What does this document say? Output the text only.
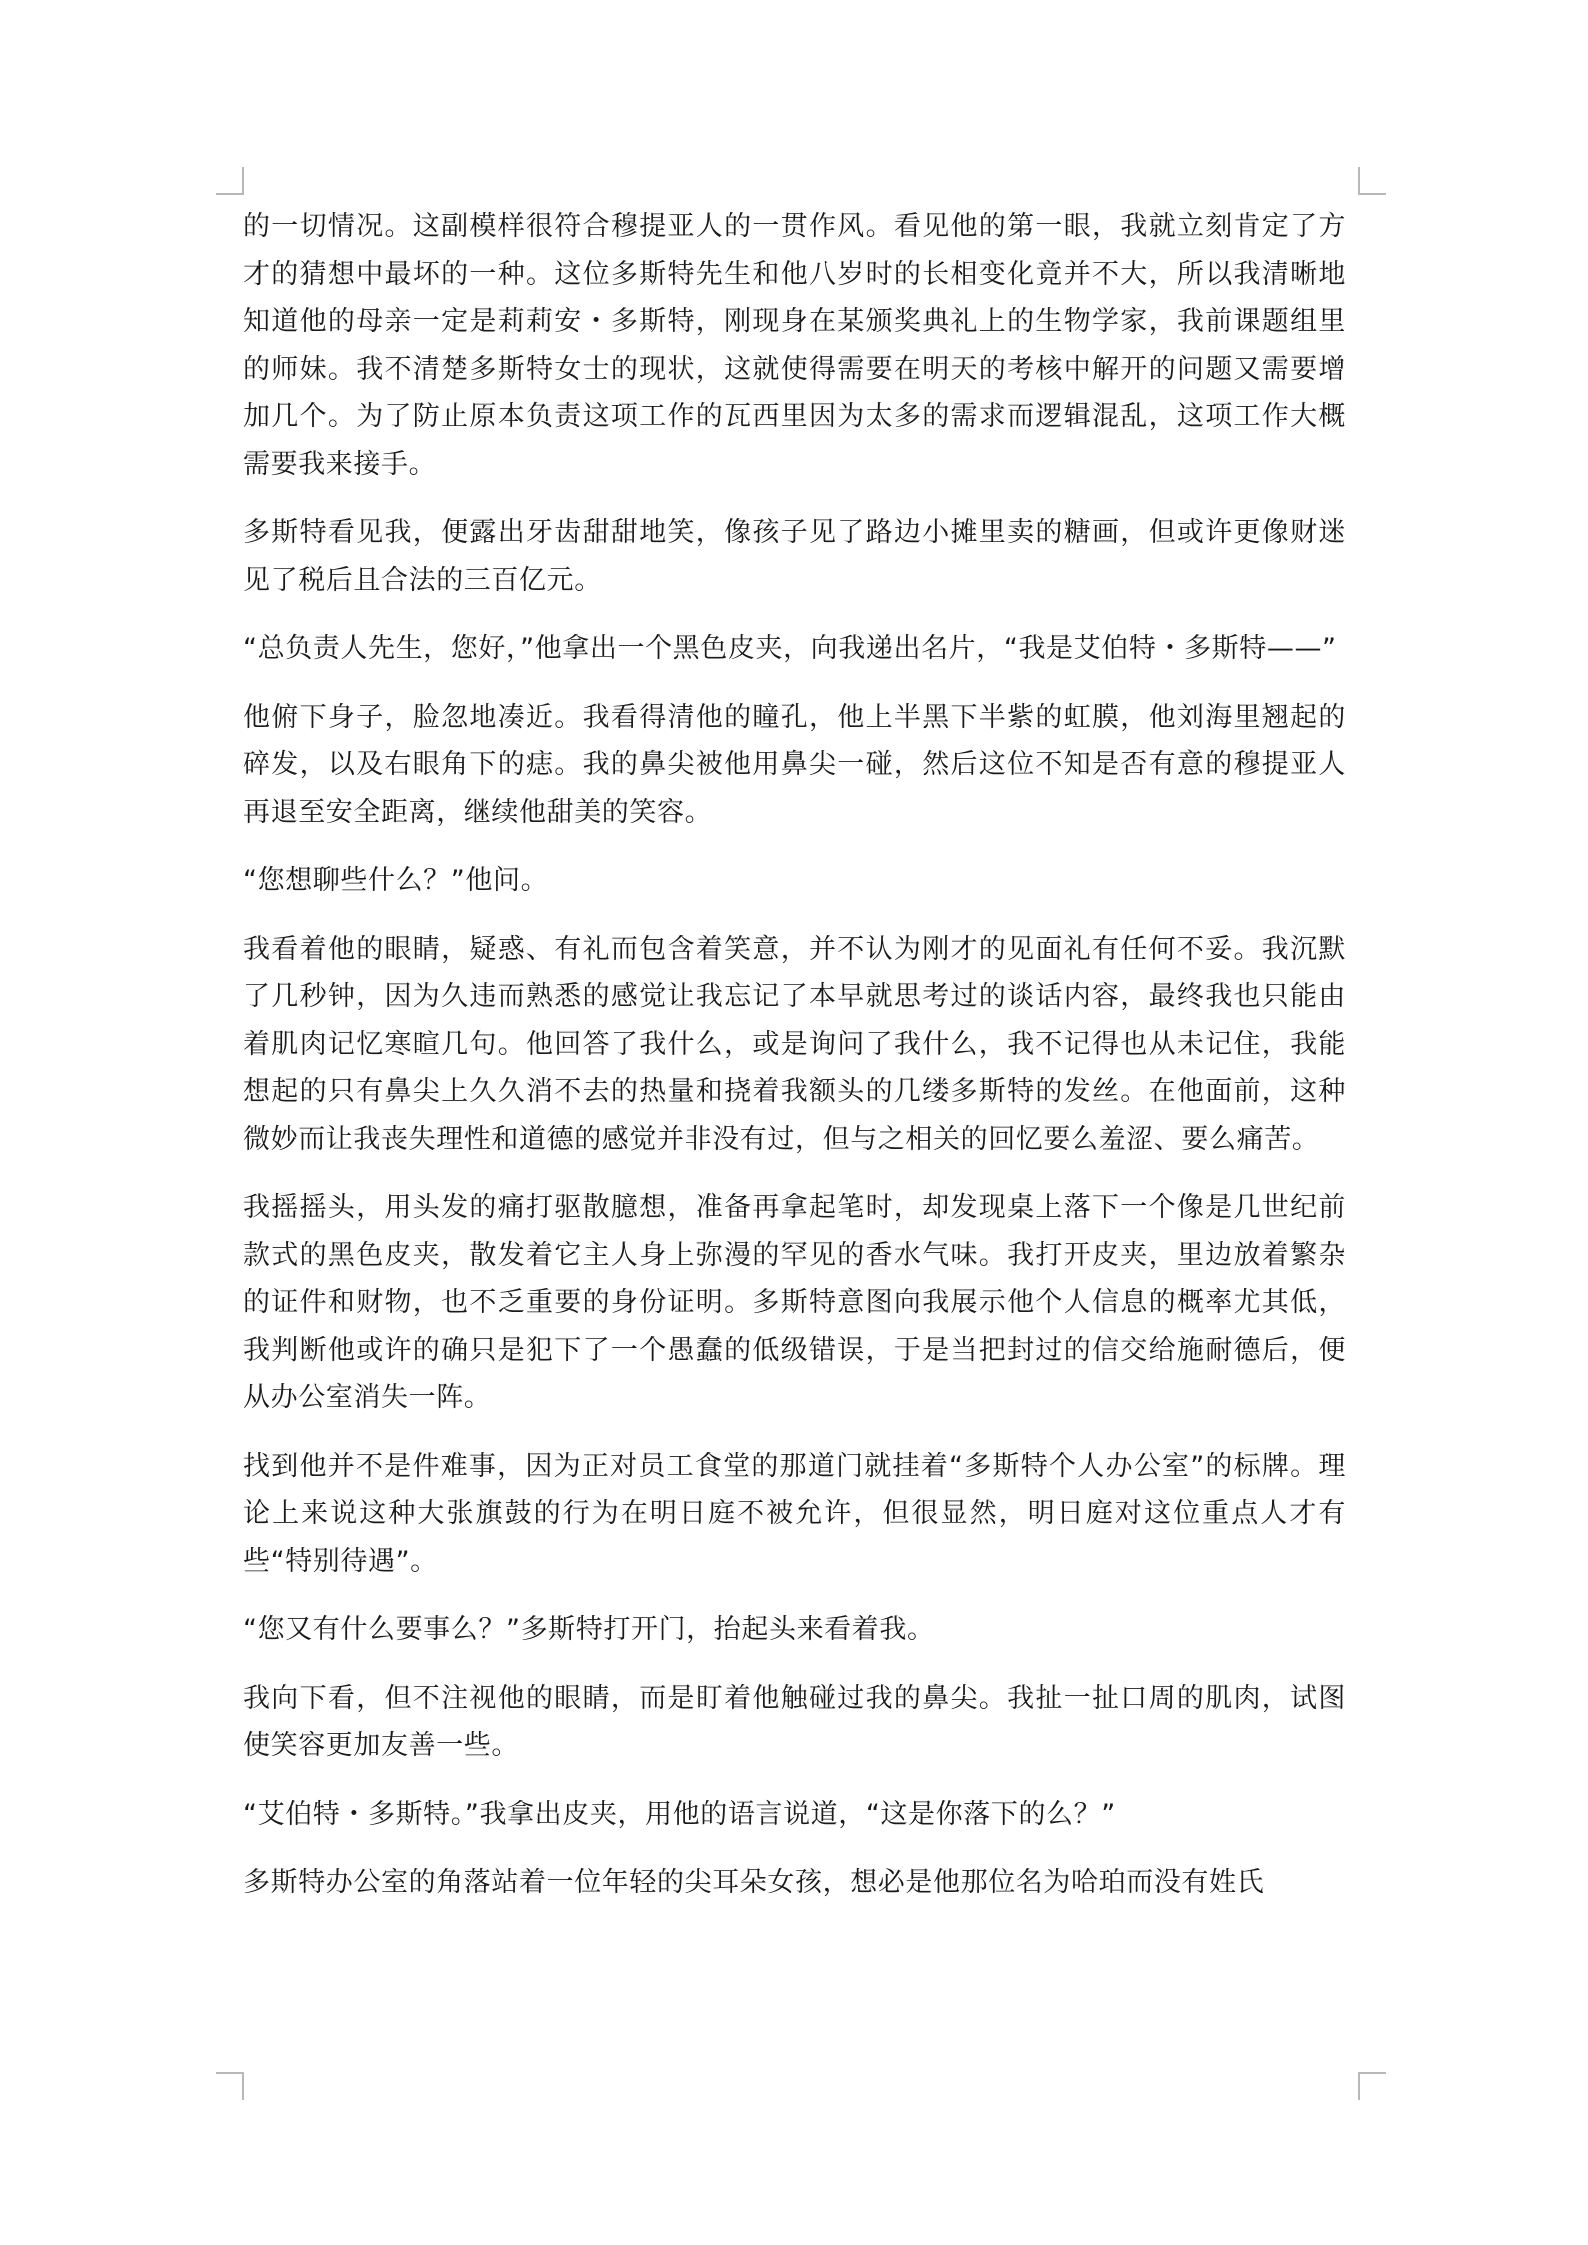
的一切情况。这副模样很符合穆提亚人的一贯作风。看见他的第一眼，我就立刻肯定了方才的猜想中最坏的一种。这位多斯特先生和他八岁时的长相变化竟并不大，所以我清晰地知道他的母亲一定是莉莉安・多斯特，刚现身在某颁奖典礼上的生物学家，我前课题组里的师妹。我不清楚多斯特女士的现状，这就使得需要在明天的考核中解开的问题又需要增加几个。为了防止原本负责这项工作的瓦西里因为太多的需求而逻辑混乱，这项工作大概需要我来接手。

多斯特看见我，便露出牙齿甜甜地笑，像孩子见了路边小摊里卖的糖画，但或许更像财迷见了税后且合法的三百亿元。

“总负责人先生，您好，”他拿出一个黑色皮夹，向我递出名片，“我是艾伯特・多斯特——”

他俯下身子，脸忽地凑近。我看得清他的瞳孔，他上半黑下半紫的虹膜，他刘海里翘起的碎发，以及右眼角下的痣。我的鼻尖被他用鼻尖一碰，然后这位不知是否有意的穆提亚人再退至安全距离，继续他甜美的笑容。

“您想聊些什么？”他问。

我看着他的眼睛，疑惑、有礼而包含着笑意，并不认为刚才的见面礼有任何不妥。我沉默了几秒钟，因为久违而熟悉的感觉让我忘记了本早就思考过的谈话内容，最终我也只能由着肌肉记忆寒暄几句。他回答了我什么，或是询问了我什么，我不记得也从未记住，我能想起的只有鼻尖上久久消不去的热量和挠着我额头的几缕多斯特的发丝。在他面前，这种微妙而让我丧失理性和道德的感觉并非没有过，但与之相关的回忆要么羞涩、要么痛苦。

我摇摇头，用头发的痛打驱散臆想，准备再拿起笔时，却发现桌上落下一个像是几世纪前款式的黑色皮夹，散发着它主人身上弥漫的罕见的香水气味。我打开皮夹，里边放着繁杂的证件和财物，也不乏重要的身份证明。多斯特意图向我展示他个人信息的概率尤其低，我判断他或许的确只是犯下了一个愚蠢的低级错误，于是当把封过的信交给施耐德后，便从办公室消失一阵。

找到他并不是件难事，因为正对员工食堂的那道门就挂着“多斯特个人办公室”的标牌。理论上来说这种大张旗鼓的行为在明日庭不被允许，但很显然，明日庭对这位重点人才有些“特别待遇”。

“您又有什么要事么？”多斯特打开门，抬起头来看着我。

我向下看，但不注视他的眼睛，而是盯着他触碰过我的鼻尖。我扯一扯口周的肌肉，试图使笑容更加友善一些。

“艾伯特・多斯特。”我拿出皮夹，用他的语言说道，“这是你落下的么？”

多斯特办公室的角落站着一位年轻的尖耳朵女孩，想必是他那位名为哈珀而没有姓氏
